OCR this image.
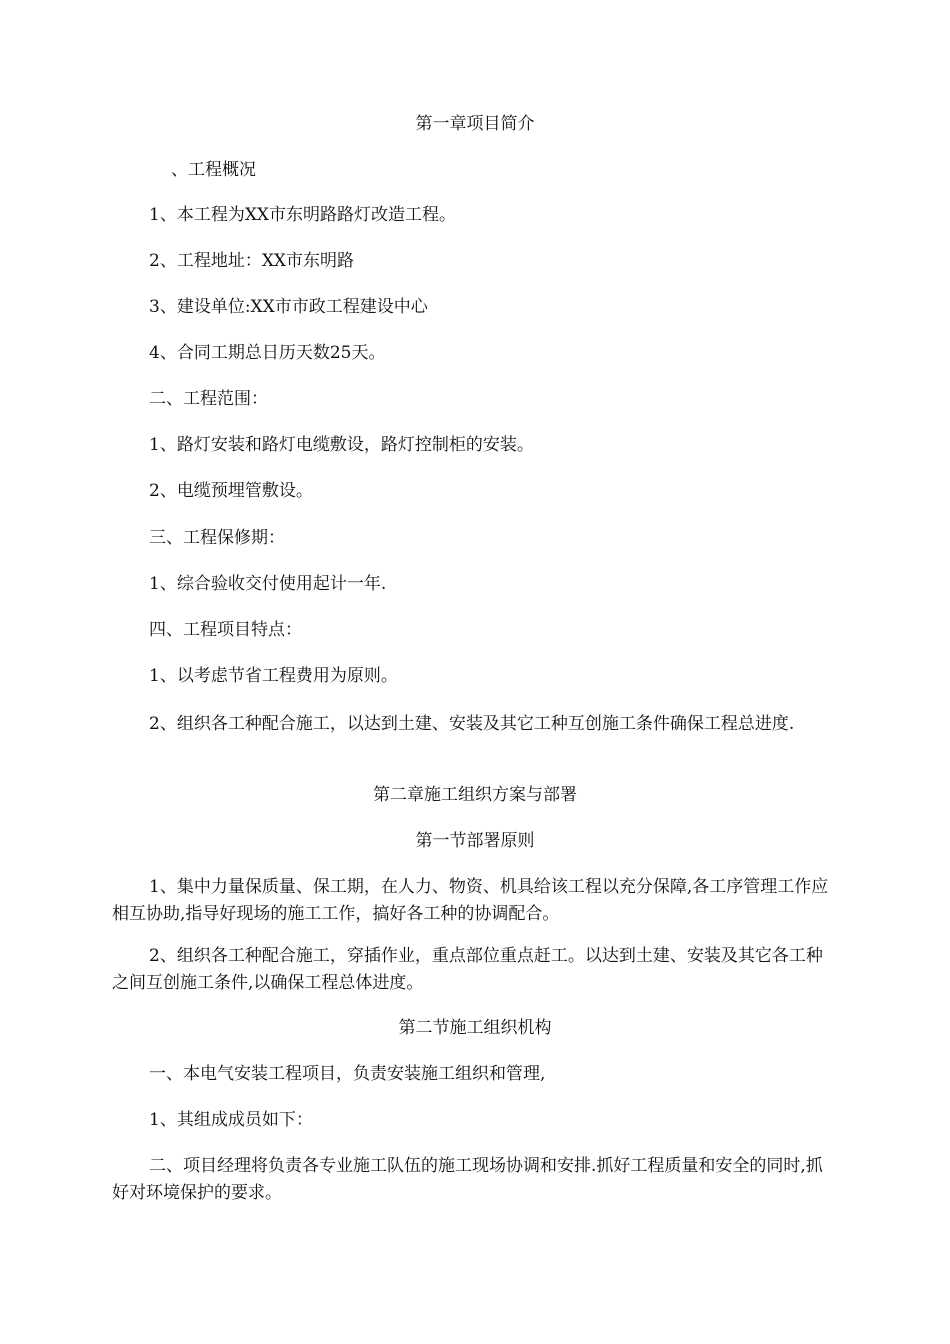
第一章项目简介
、工程概况
1、本工程为XX市东明路路灯改造工程。
2、工程地址：XX市东明路
3、建设单位:XX市市政工程建设中心
4、合同工期总日历天数25天。
二、工程范围：
1、路灯安装和路灯电缆敷设，路灯控制柜的安装。
2、电缆预埋管敷设。
三、工程保修期：
1、综合验收交付使用起计一年.
四、工程项目特点：
1、以考虑节省工程费用为原则。
2、组织各工种配合施工，以达到土建、安装及其它工种互创施工条件确保工程总进度.
第二章施工组织方案与部署
第一节部署原则
1、集中力量保质量、保工期，在人力、物资、机具给该工程以充分保障,各工序管理工作应相互协助,指导好现场的施工工作，搞好各工种的协调配合。
2、组织各工种配合施工，穿插作业，重点部位重点赶工。以达到土建、安装及其它各工种之间互创施工条件,以确保工程总体进度。
第二节施工组织机构
一、本电气安装工程项目，负责安装施工组织和管理,
1、其组成成员如下：
二、项目经理将负责各专业施工队伍的施工现场协调和安排.抓好工程质量和安全的同时,抓好对环境保护的要求。
